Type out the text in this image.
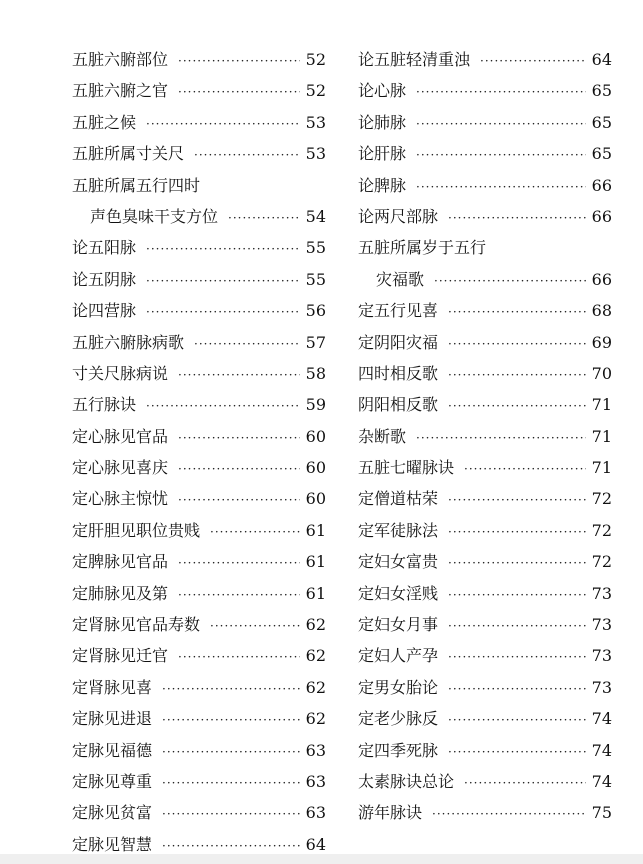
五脏六腑部位 ·····	52
五脏六腑之官 ·····	52
五脏之候 ·····	53
五脏所属寸关尺 ·····	53
五脏所属五行四时
声色臭味干支方位 ·····	54
论五阳脉 ·····	55
论五阴脉 ·····	55
论四营脉 ·····	56
五脏六腑脉病歌 ·····	57
寸关尺脉病说 ·····	58
五行脉诀 ·····	59
定心脉见官品 ·····	60
定心脉见喜庆 ·····	60
定心脉主惊忧 ·····	60
定肝胆见职位贵贱 ·····	61
定脾脉见官品 ·····	61
定肺脉见及第 ·····	61
定肾脉见官品寿数 ·····	62
定肾脉见迁官 ·····	62
定肾脉见喜 ·····	62
定脉见进退 ·····	62
定脉见福德 ·····	63
定脉见尊重 ·····	63
定脉见贫富 ·····	63
定脉见智慧 ·····	64
论五脏轻清重浊 ·····	64
论心脉 ·····	65
论肺脉 ·····	65
论肝脉 ·····	65
论脾脉 ·····	66
论两尺部脉 ·····	66
五脏所属岁于五行
灾福歌 ·····	66
定五行见喜 ·····	68
定阴阳灾福 ·····	69
四时相反歌 ·····	70
阴阳相反歌 ·····	71
杂断歌 ·····	71
五脏七曜脉诀 ·····	71
定僧道枯荣 ·····	72
定军徒脉法 ·····	72
定妇女富贵 ·····	72
定妇女淫贱 ·····	73
定妇女月事 ·····	73
定妇人产孕 ·····	73
定男女胎论 ·····	73
定老少脉反 ·····	74
定四季死脉 ·····	74
太素脉诀总论 ·····	74
游年脉诀 ·····	75
